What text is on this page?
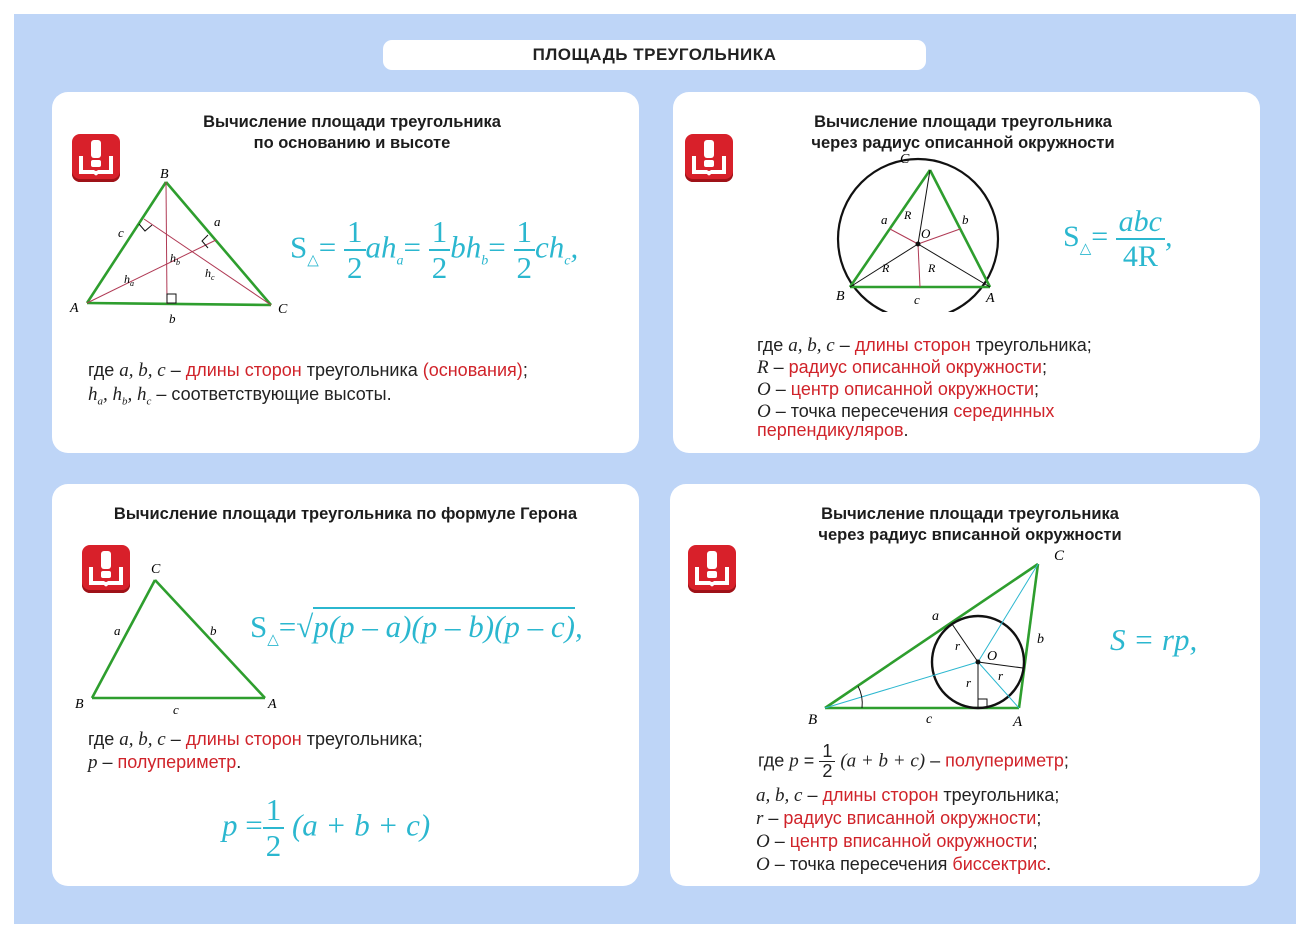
ПЛОЩАДЬ ТРЕУГОЛЬНИКА
Вычисление площади треугольника
по основанию и высоте
A
B
C
c
a
b
$h_a$
$h_b$
$h_c$
$S_\triangle= \frac{1}{2} ah_a= \frac{1}{2} bh_b= \frac{1}{2} ch_c$,
где a, b, c – длины сторон треугольника (основания);
$h_a$, $h_b$, $h_c$ – соответствующие высоты.
Вычисление площади треугольника
через радиус описанной окружности
C
B	A
O
R
R	R
a	b
c
$S_\triangle= \frac{\text{abc}}{4R}$ ,
где a, b, c – длины сторон треугольника;
R – радиус описанной окружности;
O – центр описанной окружности;
O – точка пересечения серединных
перпендикуляров.
Вычисление площади треугольника по формуле Герона
C
B	A
a	b
c
$S_\triangle=√p(p - a)(p - b)(p - c)$,
где a, b, c – длины сторон треугольника;
p – полупериметр.
$p = \frac{1}{2} (a + b + c)$
Вычисление площади треугольника
через радиус вписанной окружности
C
B	A
O
r
r r
a
b
c
S = rp,
где $p = \frac{1}{2} (a + b + c)$ – полупериметр;
a, b, c – длины сторон треугольника;
r – радиус вписанной окружности;
O – центр вписанной окружности;
O – точка пересечения биссектрис.
